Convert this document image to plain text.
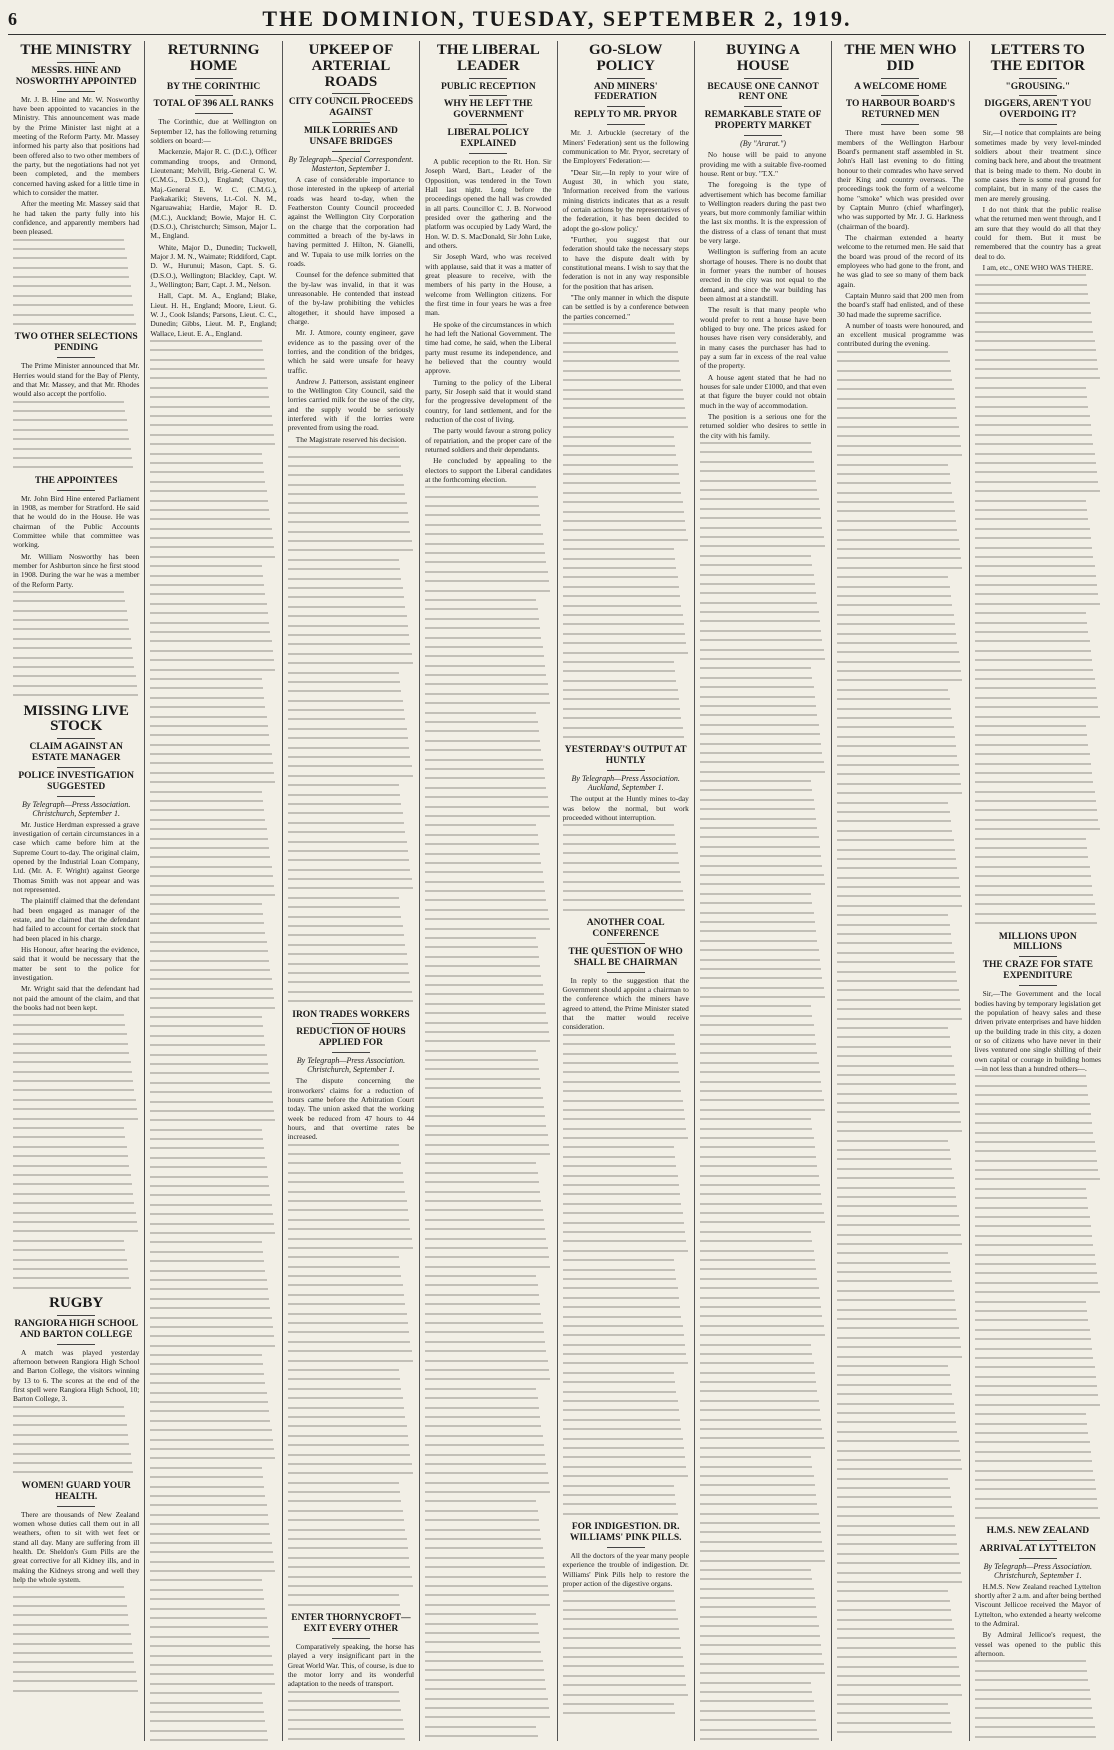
6	THE DOMINION, TUESDAY, SEPTEMBER 2, 1919.
THE MINISTRY
MESSRS. HINE AND NOSWORTHY APPOINTED

Mr. J. B. Hine and Mr. W. Nosworthy have been appointed to vacancies in the Ministry. This announcement was made by the Prime Minister last night at a meeting of the Reform Party. Mr. Massey informed his party also that positions had been offered also to two other members of the party, but the negotiations had not yet been completed, and the members concerned having asked for a little time in which to consider the matter.

After the meeting Mr. Massey said that he had taken the party fully into his confidence, and apparently members had been pleased.

TWO OTHER SELECTIONS PENDING

The Prime Minister announced that Mr. Herries would stand for the Bay of Plenty, and that Mr. Massey, and that Mr. Rhodes would also accept the portfolio.

THE APPOINTEES

Mr. John Bird Hine entered Parliament in 1908, as member for Stratford. He said that he would do in the House. He was chairman of the Public Accounts Committee while that committee was working.

Mr. William Nosworthy has been member for Ashburton since he first stood in 1908. During the war he was a member of the Reform Party.

MISSING LIVE STOCK
CLAIM AGAINST AN ESTATE MANAGER
POLICE INVESTIGATION SUGGESTED
By Telegraph—Press Association. Christchurch, September 1.

Mr. Justice Herdman expressed a grave investigation of certain circumstances in a case which came before him at the Supreme Court to-day. The original claim, opened by the Industrial Loan Company, Ltd. (Mr. A. F. Wright) against George Thomas Smith was not appear and was not represented.

The plaintiff claimed that the defendant had been engaged as manager of the estate, and he claimed that the defendant had failed to account for certain stock that had been placed in his charge.

His Honour, after hearing the evidence, said that it would be necessary that the matter be sent to the police for investigation.

Mr. Wright said that the defendant had not paid the amount of the claim, and that the books had not been kept.

RUGBY
RANGIORA HIGH SCHOOL AND BARTON COLLEGE

A match was played yesterday afternoon between Rangiora High School and Barton College, the visitors winning by 13 to 6. The scores at the end of the first spell were Rangiora High School, 10; Barton College, 3.

WOMEN! GUARD YOUR HEALTH.

There are thousands of New Zealand women whose duties call them out in all weathers, often to sit with wet feet or stand all day. Many are suffering from ill health. Dr. Sheldon's Gum Pills are the great corrective for all Kidney ills, and in making the Kidneys strong and well they help the whole system.

RETURNING HOME
BY THE CORINTHIC
TOTAL OF 396 ALL RANKS

The Corinthic, due at Wellington on September 12, has the following returning soldiers on board:—

Mackenzie, Major R. C. (D.C.), Officer commanding troops, and Ormond, Lieutenant; Melvill, Brig.-General C. W. (C.M.G., D.S.O.), England; Chaytor, Maj.-General E. W. C. (C.M.G.), Paekakariki; Stevens, Lt.-Col. N. M., Ngaruawahia; Hardie, Major R. D. (M.C.), Auckland; Bowie, Major H. C. (D.S.O.), Christchurch; Simson, Major L. M., England.

White, Major D., Dunedin; Tuckwell, Major J. M. N., Waimate; Riddiford, Capt. D. W., Hurunui; Mason, Capt. S. G. (D.S.O.), Wellington; Blackley, Capt. W. J., Wellington; Barr, Capt. J. M., Nelson.

Hall, Capt. M. A., England; Blake, Lieut. H. H., England; Moore, Lieut. G. W. J., Cook Islands; Parsons, Lieut. C. C., Dunedin; Gibbs, Lieut. M. P., England; Wallace, Lieut. E. A., England.

UPKEEP OF ARTERIAL ROADS
CITY COUNCIL PROCEEDS AGAINST
MILK LORRIES AND UNSAFE BRIDGES
By Telegraph—Special Correspondent. Masterton, September 1.

A case of considerable importance to those interested in the upkeep of arterial roads was heard to-day, when the Featherston County Council proceeded against the Wellington City Corporation on the charge that the corporation had committed a breach of the by-laws in having permitted J. Hilton, N. Gianelli, and W. Tupaia to use milk lorries on the roads.

Counsel for the defence submitted that the by-law was invalid, in that it was unreasonable. He contended that instead of the by-law prohibiting the vehicles altogether, it should have imposed a charge.

Mr. J. Atmore, county engineer, gave evidence as to the passing over of the lorries, and the condition of the bridges, which he said were unsafe for heavy traffic.

Andrew J. Patterson, assistant engineer to the Wellington City Council, said the lorries carried milk for the use of the city, and the supply would be seriously interfered with if the lorries were prevented from using the road.

The Magistrate reserved his decision.

IRON TRADES WORKERS
REDUCTION OF HOURS APPLIED FOR
By Telegraph—Press Association. Christchurch, September 1.

The dispute concerning the ironworkers' claims for a reduction of hours came before the Arbitration Court today. The union asked that the working week be reduced from 47 hours to 44 hours, and that overtime rates be increased.

ENTER THORNYCROFT—EXIT EVERY OTHER

Comparatively speaking, the horse has played a very insignificant part in the Great World War. This, of course, is due to the motor lorry and its wonderful adaptation to the needs of transport.

THE LIBERAL LEADER
PUBLIC RECEPTION
WHY HE LEFT THE GOVERNMENT
LIBERAL POLICY EXPLAINED

A public reception to the Rt. Hon. Sir Joseph Ward, Bart., Leader of the Opposition, was tendered in the Town Hall last night. Long before the proceedings opened the hall was crowded in all parts. Councillor C. J. B. Norwood presided over the gathering and the platform was occupied by Lady Ward, the Hon. W. D. S. MacDonald, Sir John Luke, and others.

Sir Joseph Ward, who was received with applause, said that it was a matter of great pleasure to receive, with the members of his party in the House, a welcome from Wellington citizens. For the first time in four years he was a free man.

He spoke of the circumstances in which he had left the National Government. The time had come, he said, when the Liberal party must resume its independence, and he believed that the country would approve.

Turning to the policy of the Liberal party, Sir Joseph said that it would stand for the progressive development of the country, for land settlement, and for the reduction of the cost of living.

The party would favour a strong policy of repatriation, and the proper care of the returned soldiers and their dependants.

He concluded by appealing to the electors to support the Liberal candidates at the forthcoming election.

GO-SLOW POLICY
AND MINERS' FEDERATION
REPLY TO MR. PRYOR

Mr. J. Arbuckle (secretary of the Miners' Federation) sent us the following communication to Mr. Pryor, secretary of the Employers' Federation:—

"Dear Sir,—In reply to your wire of August 30, in which you state, 'Information received from the various mining districts indicates that as a result of certain actions by the representatives of the federation, it has been decided to adopt the go-slow policy.'

"Further, you suggest that our federation should take the necessary steps to have the dispute dealt with by constitutional means. I wish to say that the federation is not in any way responsible for the position that has arisen.

"The only manner in which the dispute can be settled is by a conference between the parties concerned."

YESTERDAY'S OUTPUT AT HUNTLY
By Telegraph—Press Association. Auckland, September 1.

The output at the Huntly mines to-day was below the normal, but work proceeded without interruption.

ANOTHER COAL CONFERENCE
THE QUESTION OF WHO SHALL BE CHAIRMAN

In reply to the suggestion that the Government should appoint a chairman to the conference which the miners have agreed to attend, the Prime Minister stated that the matter would receive consideration.

FOR INDIGESTION. DR. WILLIAMS' PINK PILLS.

All the doctors of the year many people experience the trouble of indigestion. Dr. Williams' Pink Pills help to restore the proper action of the digestive organs.

BUYING A HOUSE
BECAUSE ONE CANNOT RENT ONE
REMARKABLE STATE OF PROPERTY MARKET
(By "Ararat.")

No house will be paid to anyone providing me with a suitable five-roomed house. Rent or buy. "T.X."

The foregoing is the type of advertisement which has become familiar to Wellington readers during the past two years, but more commonly familiar within the last six months. It is the expression of the distress of a class of tenant that must be very large.

Wellington is suffering from an acute shortage of houses. There is no doubt that in former years the number of houses erected in the city was not equal to the demand, and since the war building has been almost at a standstill.

The result is that many people who would prefer to rent a house have been obliged to buy one. The prices asked for houses have risen very considerably, and in many cases the purchaser has had to pay a sum far in excess of the real value of the property.

A house agent stated that he had no houses for sale under £1000, and that even at that figure the buyer could not obtain much in the way of accommodation.

The position is a serious one for the returned soldier who desires to settle in the city with his family.

THE MEN WHO DID
A WELCOME HOME
TO HARBOUR BOARD'S RETURNED MEN

There must have been some 98 members of the Wellington Harbour Board's permanent staff assembled in St. John's Hall last evening to do fitting honour to their comrades who have served their King and country overseas. The proceedings took the form of a welcome home "smoke" which was presided over by Captain Munro (chief wharfinger), who was supported by Mr. J. G. Harkness (chairman of the board).

The chairman extended a hearty welcome to the returned men. He said that the board was proud of the record of its employees who had gone to the front, and he was glad to see so many of them back again.

Captain Munro said that 200 men from the board's staff had enlisted, and of these 30 had made the supreme sacrifice.

A number of toasts were honoured, and an excellent musical programme was contributed during the evening.

LETTERS TO THE EDITOR
"GROUSING."
DIGGERS, AREN'T YOU OVERDOING IT?

Sir,—I notice that complaints are being sometimes made by very level-minded soldiers about their treatment since coming back here, and about the treatment that is being made to them. No doubt in some cases there is some real ground for complaint, but in many of the cases the men are merely grousing.

I do not think that the public realise what the returned men went through, and I am sure that they would do all that they could for them. But it must be remembered that the country has a great deal to do.

I am, etc., ONE WHO WAS THERE.

MILLIONS UPON MILLIONS
THE CRAZE FOR STATE EXPENDITURE

Sir,—The Government and the local bodies having by temporary legislation get the population of heavy sales and these driven private enterprises and have hidden up the building trade in this city, a dozen or so of citizens who have never in their lives ventured one single shilling of their own capital or courage in building homes—in not less than a hundred others—.

H.M.S. NEW ZEALAND
ARRIVAL AT LYTTELTON
By Telegraph—Press Association. Christchurch, September 1.

H.M.S. New Zealand reached Lyttelton shortly after 2 a.m. and after being berthed Viscount Jellicoe received the Mayor of Lyttelton, who extended a hearty welcome to the Admiral.

By Admiral Jellicoe's request, the vessel was opened to the public this afternoon.
